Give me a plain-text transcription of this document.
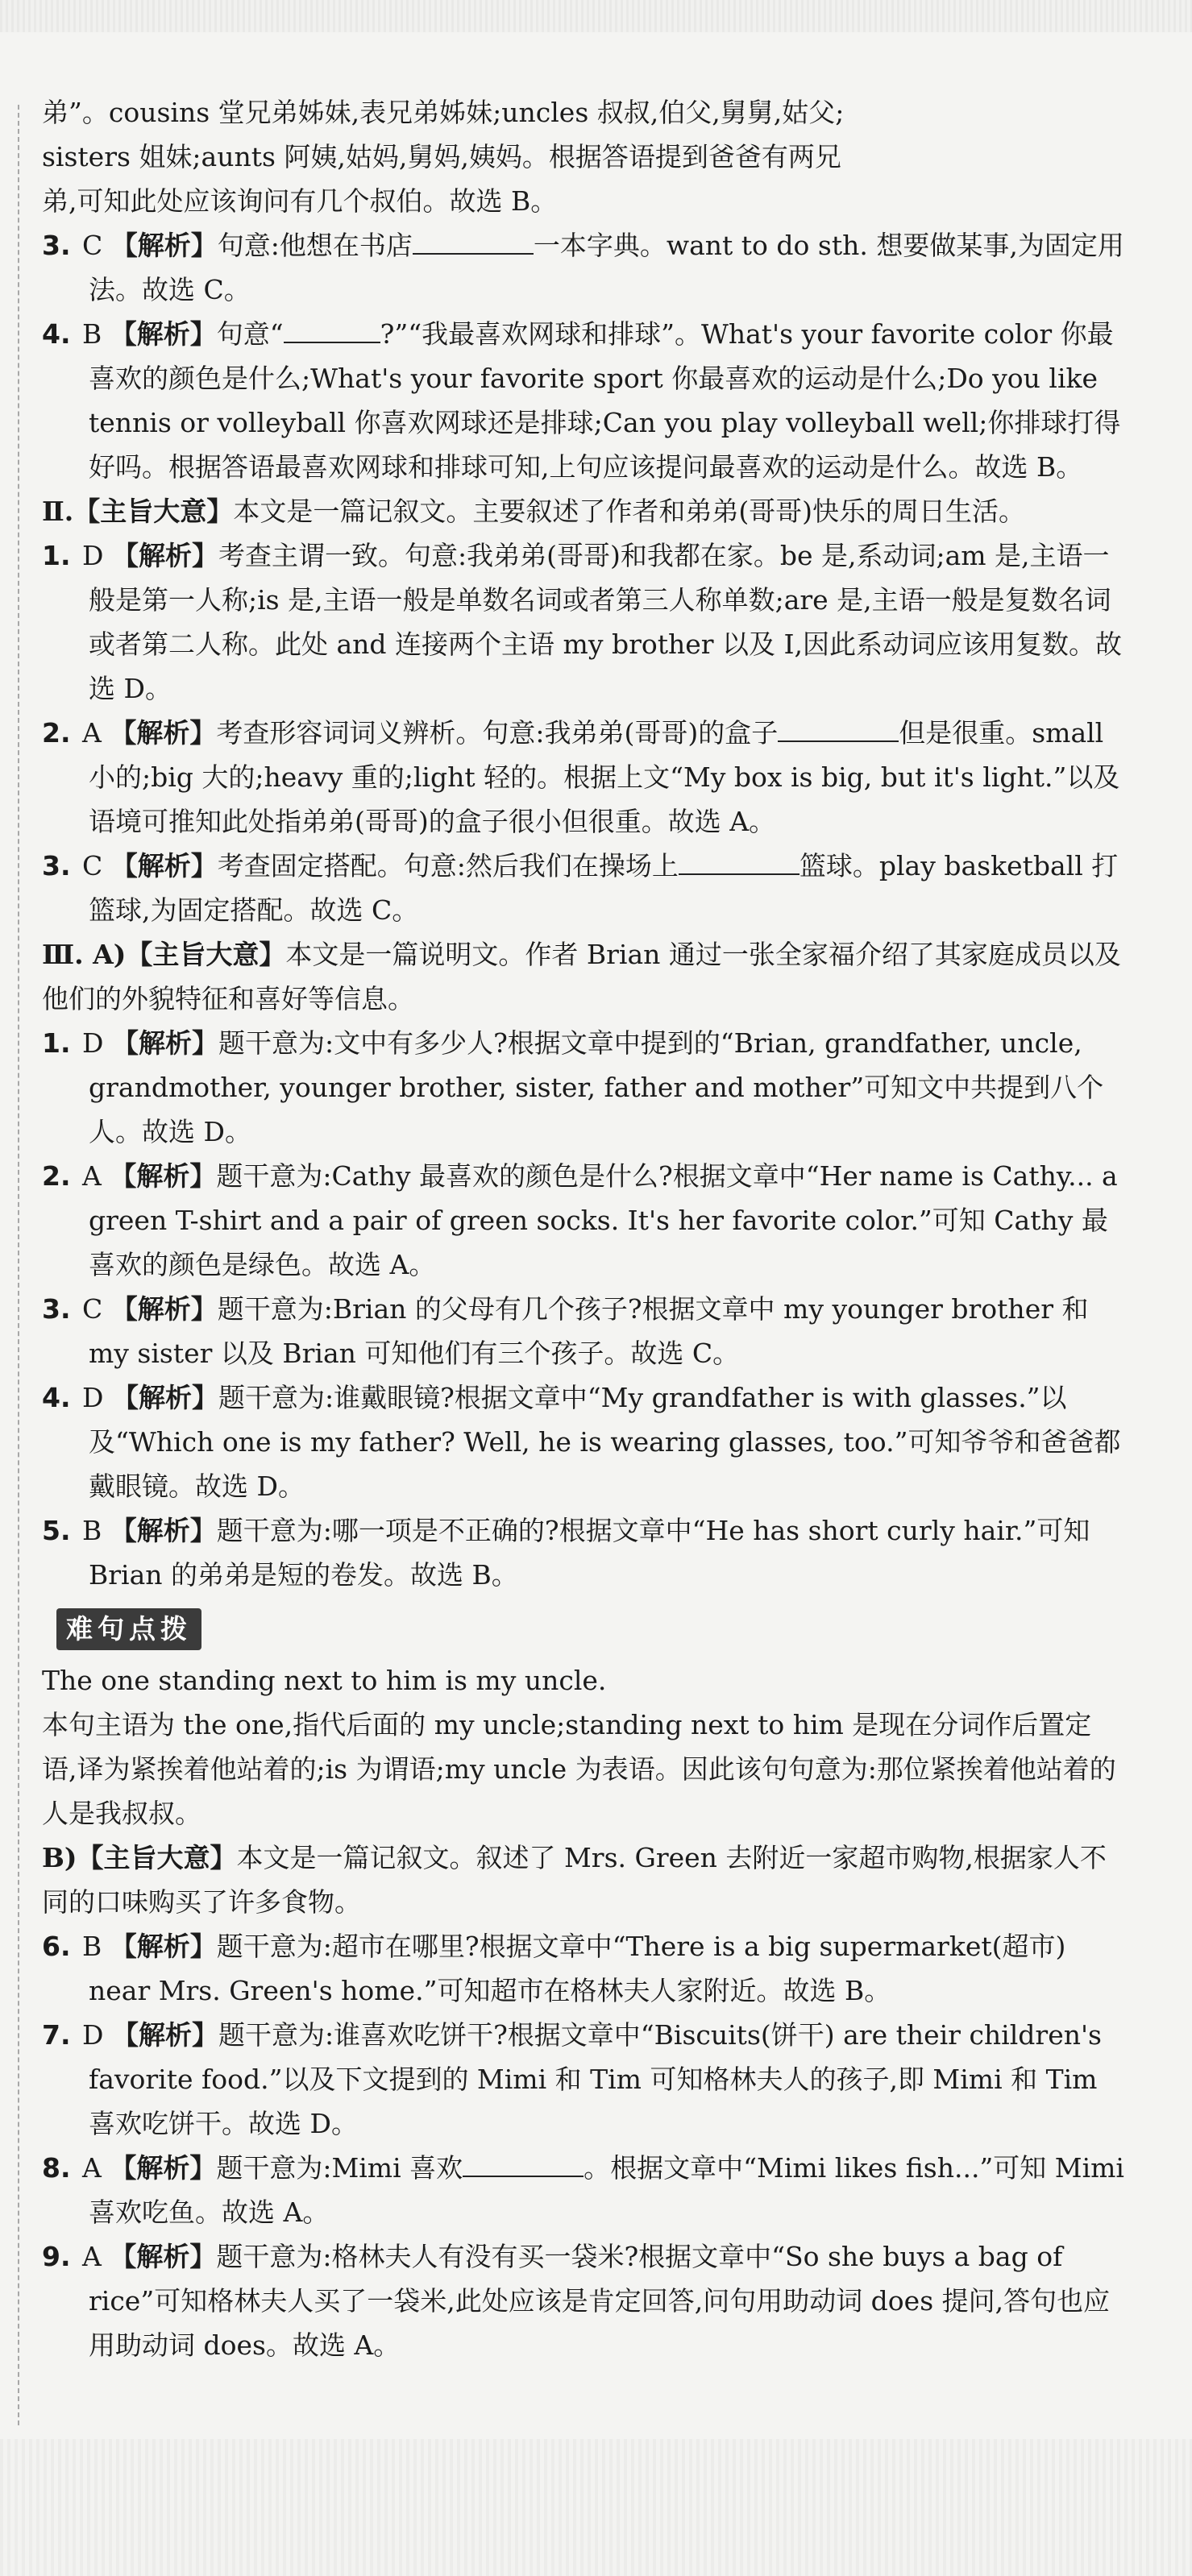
弟”。cousins 堂兄弟姊妹,表兄弟姊妹;uncles 叔叔,伯父,舅舅,姑父;

sisters 姐妹;aunts 阿姨,姑妈,舅妈,姨妈。根据答语提到爸爸有两兄

弟,可知此处应该询问有几个叔伯。故选 B。

3. C 【解析】句意:他想在书店	一本字典。want to do sth. 想要做某事,为固定用法。故选 C。

4. B 【解析】句意“	?”“我最喜欢网球和排球”。What's your favorite color 你最喜欢的颜色是什么;What's your favorite sport 你最喜欢的运动是什么;Do you like tennis or volleyball 你喜欢网球还是排球;Can you play volleyball well;你排球打得好吗。根据答语最喜欢网球和排球可知,上句应该提问最喜欢的运动是什么。故选 B。

Ⅱ.【主旨大意】本文是一篇记叙文。主要叙述了作者和弟弟(哥哥)快乐的周日生活。

1. D 【解析】考查主谓一致。句意:我弟弟(哥哥)和我都在家。be 是,系动词;am 是,主语一般是第一人称;is 是,主语一般是单数名词或者第三人称单数;are 是,主语一般是复数名词或者第二人称。此处 and 连接两个主语 my brother 以及 I,因此系动词应该用复数。故选 D。

2. A 【解析】考查形容词词义辨析。句意:我弟弟(哥哥)的盒子	但是很重。small 小的;big 大的;heavy 重的;light 轻的。根据上文“My box is big, but it's light.”以及语境可推知此处指弟弟(哥哥)的盒子很小但很重。故选 A。

3. C 【解析】考查固定搭配。句意:然后我们在操场上	篮球。play basketball 打篮球,为固定搭配。故选 C。

Ⅲ. A)【主旨大意】本文是一篇说明文。作者 Brian 通过一张全家福介绍了其家庭成员以及他们的外貌特征和喜好等信息。

1. D 【解析】题干意为:文中有多少人?根据文章中提到的“Brian, grandfather, uncle, grandmother, younger brother, sister, father and mother”可知文中共提到八个人。故选 D。

2. A 【解析】题干意为:Cathy 最喜欢的颜色是什么?根据文章中“Her name is Cathy... a green T-shirt and a pair of green socks. It's her favorite color.”可知 Cathy 最喜欢的颜色是绿色。故选 A。

3. C 【解析】题干意为:Brian 的父母有几个孩子?根据文章中 my younger brother 和 my sister 以及 Brian 可知他们有三个孩子。故选 C。

4. D 【解析】题干意为:谁戴眼镜?根据文章中“My grandfather is with glasses.”以及“Which one is my father? Well, he is wearing glasses, too.”可知爷爷和爸爸都戴眼镜。故选 D。

5. B 【解析】题干意为:哪一项是不正确的?根据文章中“He has short curly hair.”可知 Brian 的弟弟是短的卷发。故选 B。

难句点拨

The one standing next to him is my uncle.

本句主语为 the one,指代后面的 my uncle;standing next to him 是现在分词作后置定语,译为紧挨着他站着的;is 为谓语;my uncle 为表语。因此该句句意为:那位紧挨着他站着的人是我叔叔。

B)【主旨大意】本文是一篇记叙文。叙述了 Mrs. Green 去附近一家超市购物,根据家人不同的口味购买了许多食物。

6. B 【解析】题干意为:超市在哪里?根据文章中“There is a big supermarket(超市) near Mrs. Green's home.”可知超市在格林夫人家附近。故选 B。

7. D 【解析】题干意为:谁喜欢吃饼干?根据文章中“Biscuits(饼干) are their children's favorite food.”以及下文提到的 Mimi 和 Tim 可知格林夫人的孩子,即 Mimi 和 Tim 喜欢吃饼干。故选 D。

8. A 【解析】题干意为:Mimi 喜欢	。根据文章中“Mimi likes fish...”可知 Mimi 喜欢吃鱼。故选 A。

9. A 【解析】题干意为:格林夫人有没有买一袋米?根据文章中“So she buys a bag of rice”可知格林夫人买了一袋米,此处应该是肯定回答,问句用助动词 does 提问,答句也应用助动词 does。故选 A。
